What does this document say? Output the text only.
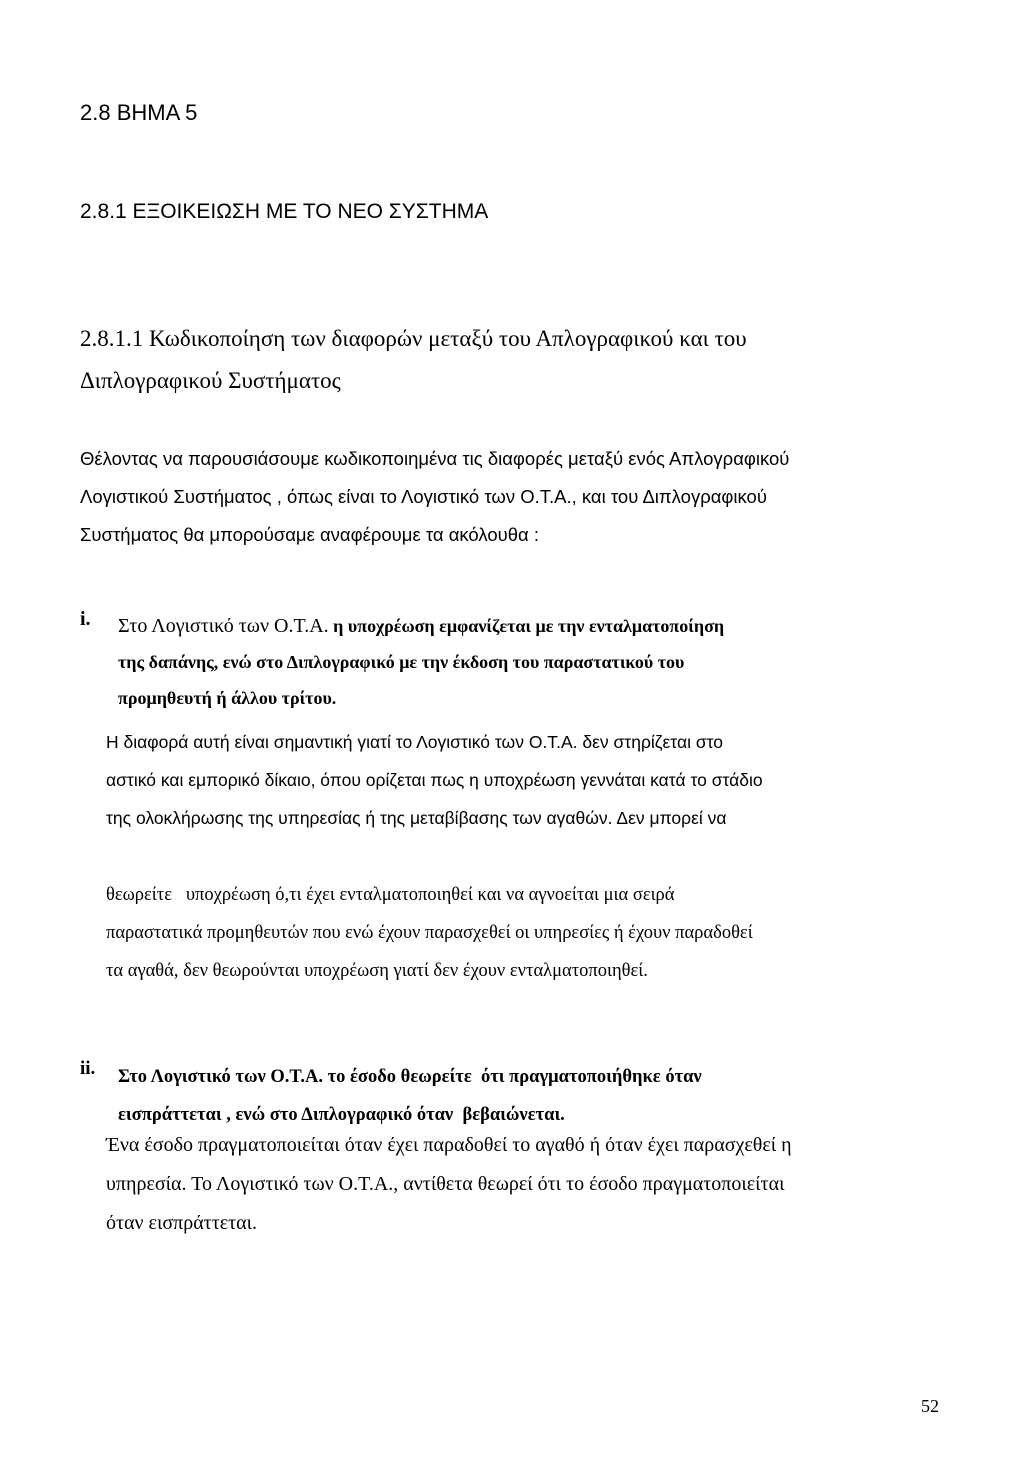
2.8 ΒΗΜΑ 5
2.8.1 ΕΞΟΙΚΕΙΩΣΗ ΜΕ ΤΟ ΝΕΟ ΣΥΣΤΗΜΑ
2.8.1.1 Κωδικοποίηση των διαφορών μεταξύ του Απλογραφικού και του
Διπλογραφικού Συστήματος
Θέλοντας να παρουσιάσουμε κωδικοποιημένα τις διαφορές μεταξύ ενός Απλογραφικού
Λογιστικού Συστήματος , όπως είναι το Λογιστικό των Ο.Τ.Α., και του Διπλογραφικού
Συστήματος θα μπορούσαμε αναφέρουμε τα ακόλουθα :
i. Στο Λογιστικό των Ο.Τ.Α. η υποχρέωση εμφανίζεται με την ενταλματοποίηση
της δαπάνης, ενώ στο Διπλογραφικό με την έκδοση του παραστατικού του
προμηθευτή ή άλλου τρίτου.
Η διαφορά αυτή είναι σημαντική γιατί το Λογιστικό των Ο.Τ.Α. δεν στηρίζεται στο
αστικό και εμπορικό δίκαιο, όπου ορίζεται πως η υποχρέωση γεννάται κατά το στάδιο
της ολοκλήρωσης της υπηρεσίας ή της μεταβίβασης των αγαθών. Δεν μπορεί να
θεωρείτε   υποχρέωση ό,τι έχει ενταλματοποιηθεί και να αγνοείται μια σειρά
παραστατικά προμηθευτών που ενώ έχουν παρασχεθεί οι υπηρεσίες ή έχουν παραδοθεί
τα αγαθά, δεν θεωρούνται υποχρέωση γιατί δεν έχουν ενταλματοποιηθεί.
ii. Στο Λογιστικό των Ο.Τ.Α. το έσοδο θεωρείτε  ότι πραγματοποιήθηκε όταν
εισπράττεται , ενώ στο Διπλογραφικό όταν  βεβαιώνεται.
Ένα έσοδο πραγματοποιείται όταν έχει παραδοθεί το αγαθό ή όταν έχει παρασχεθεί η
υπηρεσία. Το Λογιστικό των Ο.Τ.Α., αντίθετα θεωρεί ότι το έσοδο πραγματοποιείται
όταν εισπράττεται.
52
